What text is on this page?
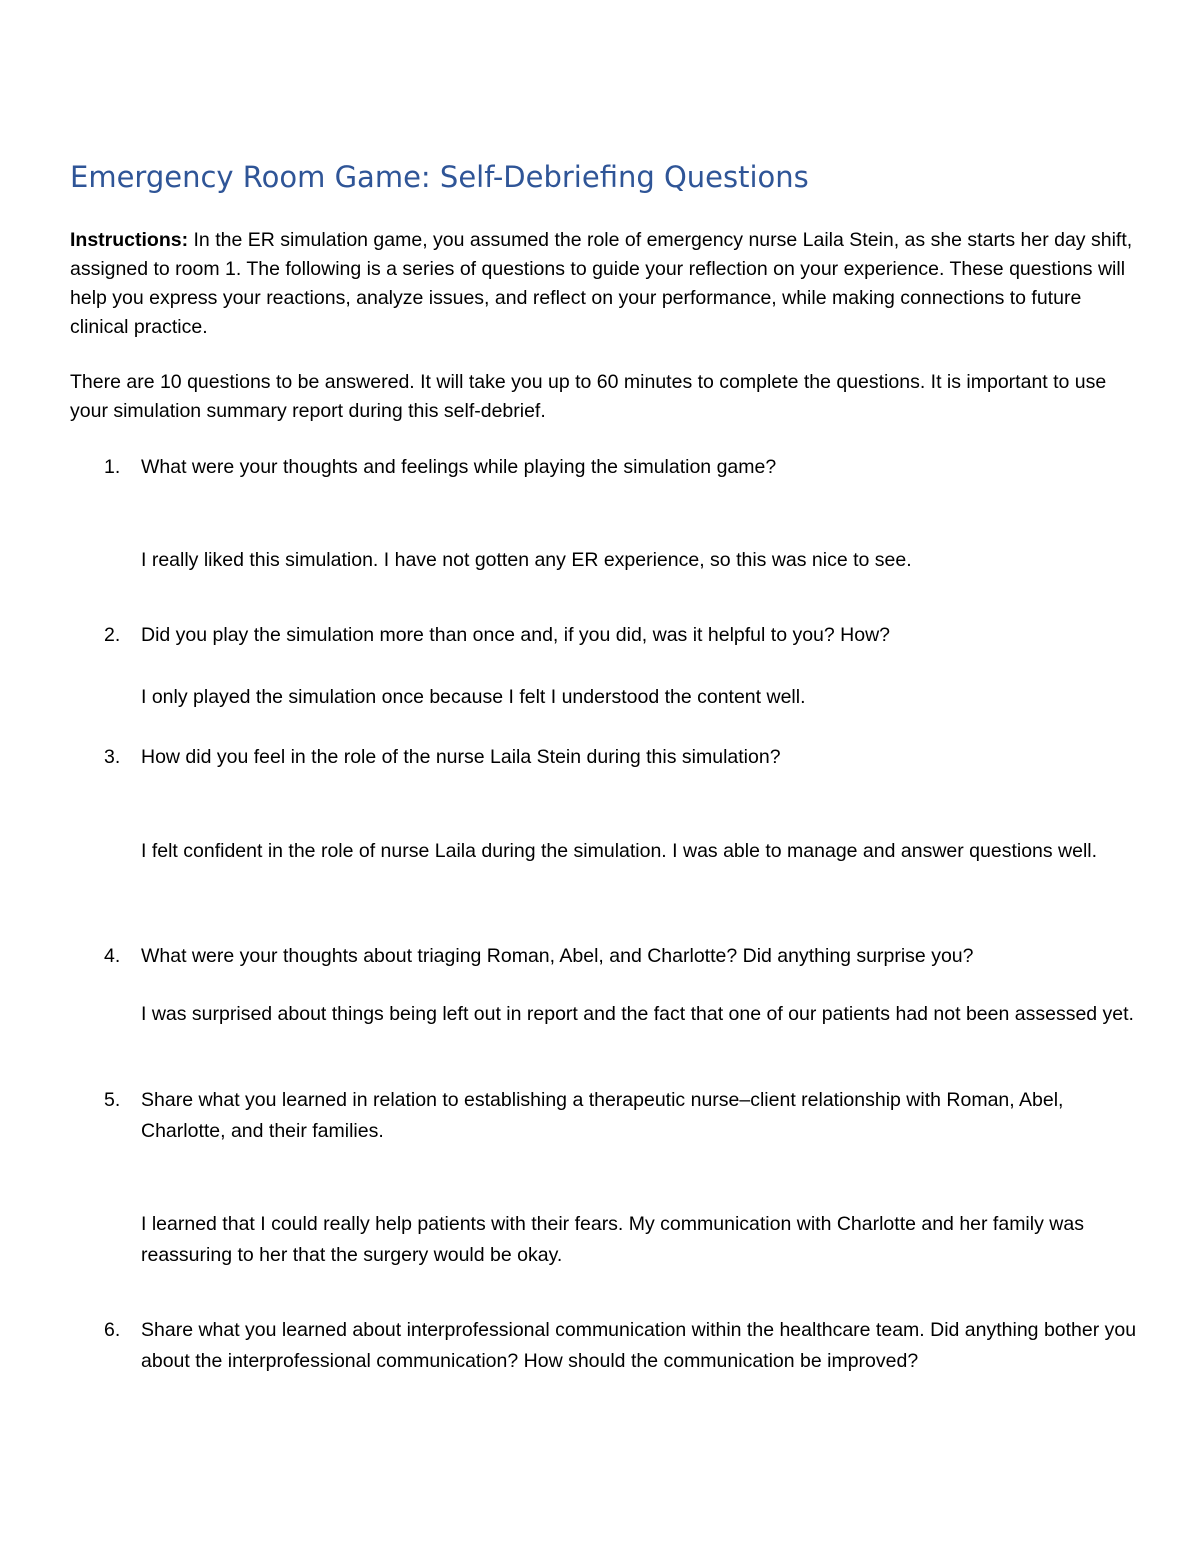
Emergency Room Game: Self-Debriefing Questions

Instructions: In the ER simulation game, you assumed the role of emergency nurse Laila Stein, as she starts her day shift, assigned to room 1. The following is a series of questions to guide your reflection on your experience. These questions will help you express your reactions, analyze issues, and reflect on your performance, while making connections to future clinical practice.

There are 10 questions to be answered. It will take you up to 60 minutes to complete the questions. It is important to use your simulation summary report during this self-debrief.

1. What were your thoughts and feelings while playing the simulation game?

I really liked this simulation. I have not gotten any ER experience, so this was nice to see.

2. Did you play the simulation more than once and, if you did, was it helpful to you? How?

I only played the simulation once because I felt I understood the content well.

3. How did you feel in the role of the nurse Laila Stein during this simulation?

I felt confident in the role of nurse Laila during the simulation. I was able to manage and answer questions well.

4. What were your thoughts about triaging Roman, Abel, and Charlotte? Did anything surprise you?

I was surprised about things being left out in report and the fact that one of our patients had not been assessed yet.

5. Share what you learned in relation to establishing a therapeutic nurse–client relationship with Roman, Abel, Charlotte, and their families.

I learned that I could really help patients with their fears. My communication with Charlotte and her family was reassuring to her that the surgery would be okay.

6. Share what you learned about interprofessional communication within the healthcare team. Did anything bother you about the interprofessional communication? How should the communication be improved?
